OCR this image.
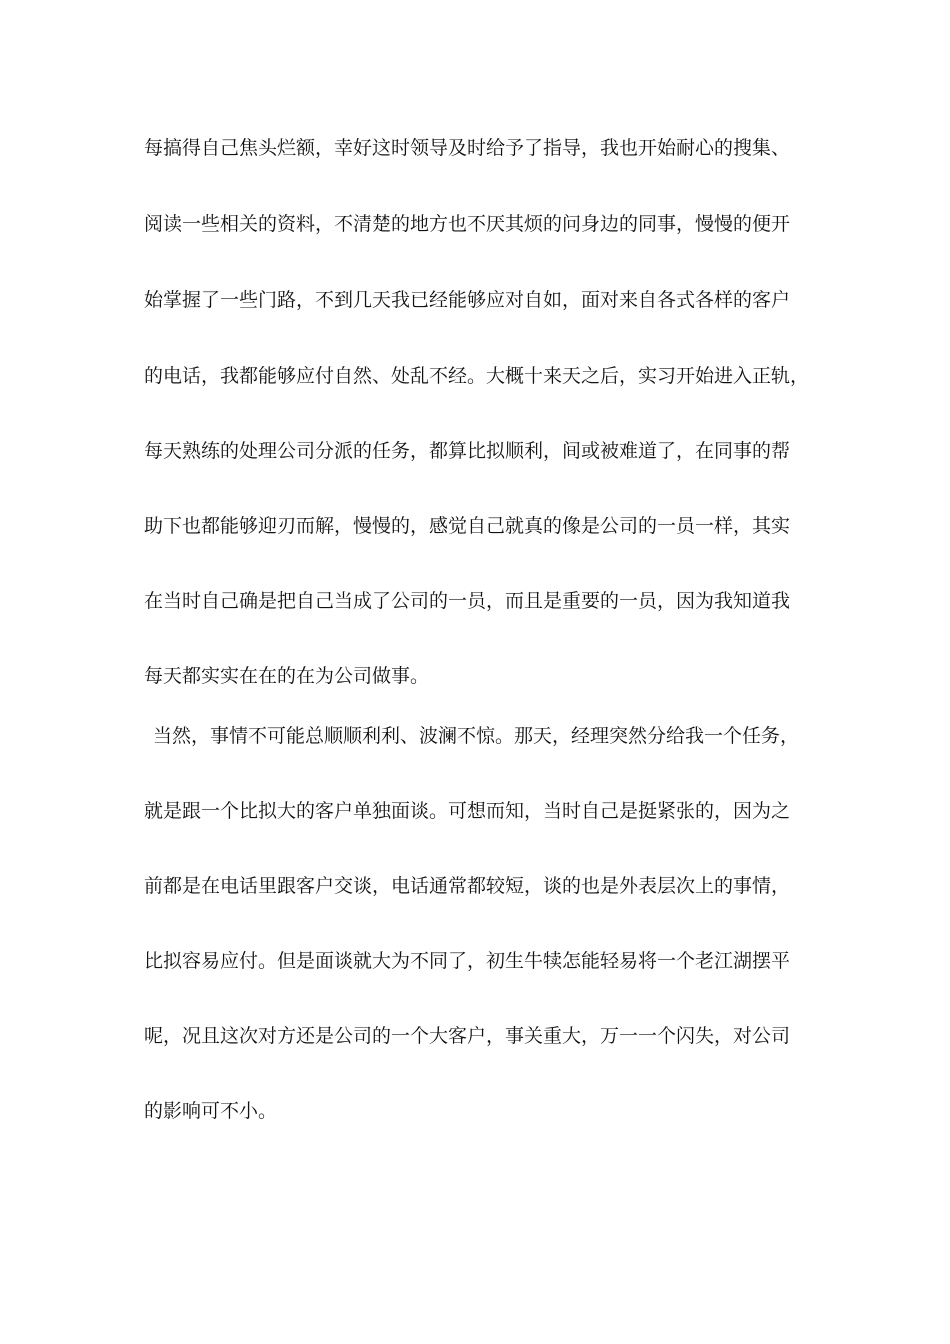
每搞得自己焦头烂额，幸好这时领导及时给予了指导，我也开始耐心的搜集、
阅读一些相关的资料，不清楚的地方也不厌其烦的问身边的同事，慢慢的便开
始掌握了一些门路，不到几天我已经能够应对自如，面对来自各式各样的客户
的电话，我都能够应付自然、处乱不经。大概十来天之后，实习开始进入正轨，
每天熟练的处理公司分派的任务，都算比拟顺利，间或被难道了，在同事的帮
助下也都能够迎刃而解，慢慢的，感觉自己就真的像是公司的一员一样，其实
在当时自己确是把自己当成了公司的一员，而且是重要的一员，因为我知道我
每天都实实在在的在为公司做事。
当然，事情不可能总顺顺利利、波澜不惊。那天，经理突然分给我一个任务，
就是跟一个比拟大的客户单独面谈。可想而知，当时自己是挺紧张的，因为之
前都是在电话里跟客户交谈，电话通常都较短，谈的也是外表层次上的事情，
比拟容易应付。但是面谈就大为不同了，初生牛犊怎能轻易将一个老江湖摆平
呢，况且这次对方还是公司的一个大客户，事关重大，万一一个闪失，对公司
的影响可不小。
